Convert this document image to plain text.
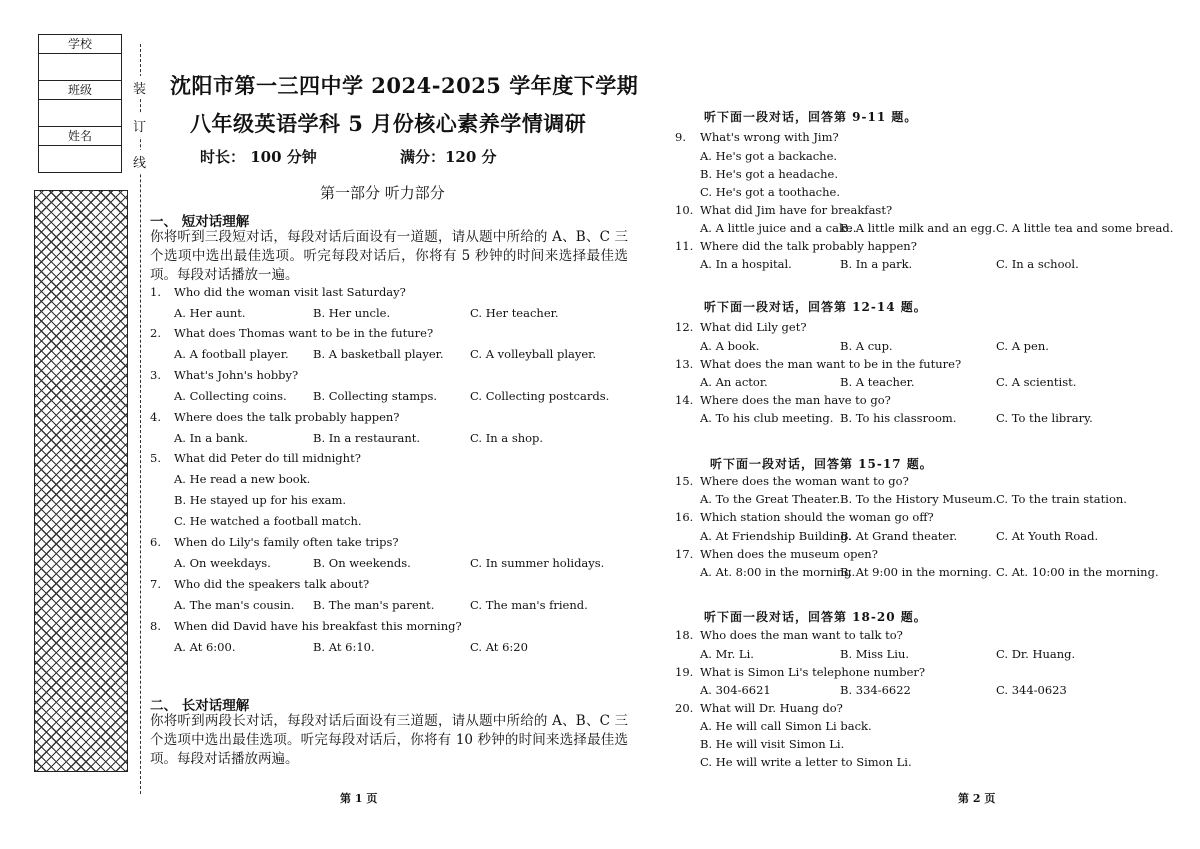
学校
班级
姓名
装
订
线
沈阳市第一三四中学 2024-2025 学年度下学期
八年级英语学科 5 月份核心素养学情调研
时长： 100 分钟	满分：120 分
第一部分 听力部分
一、 短对话理解
你将听到三段短对话，每段对话后面设有一道题，请从题中所给的 A、B、C 三个选项中选出最佳选项。听完每段对话后，你将有 5 秒钟的时间来选择最佳选项。每段对话播放一遍。
1. Who did the woman visit last Saturday?
A. Her aunt.	B. Her uncle.	C. Her teacher.
2. What does Thomas want to be in the future?
A. A football player. B. A basketball player. C. A volleyball player.
3. What's John's hobby?
A. Collecting coins. B. Collecting stamps.	C. Collecting postcards.
4. Where does the talk probably happen?
A. In a bank.	B. In a restaurant.	C. In a shop.
5. What did Peter do till midnight?
A. He read a new book.
B. He stayed up for his exam.
C. He watched a football match.
6. When do Lily's family often take trips?
A. On weekdays.	B. On weekends.	C. In summer holidays.
7. Who did the speakers talk about?
A. The man's cousin. B. The man's parent.	C. The man's friend.
8. When did David have his breakfast this morning?
A. At 6:00.	B. At 6:10.	C. At 6:20
二、 长对话理解
你将听到两段长对话，每段对话后面设有三道题，请从题中所给的 A、B、C 三个选项中选出最佳选项。听完每段对话后，你将有 10 秒钟的时间来选择最佳选项。每段对话播放两遍。
听下面一段对话，回答第 9-11 题。
听下面一段对话，回答第 12-14 题。
听下面一段对话，回答第 15-17 题。
听下面一段对话，回答第 18-20 题。
9. What's wrong with Jim?
A. He's got a backache.
B. He's got a headache.
C. He's got a toothache.
10. What did Jim have for breakfast?
A. A little juice and a cake.
B. A little milk and an egg. C. A little tea and some bread.
11. Where did the talk probably happen?
A. In a hospital.	B. In a park.	C. In a school.
12. What did Lily get?
A. A book.	B. A cup.	C. A pen.
13. What does the man want to be in the future?
A. An actor.	B. A teacher.	C. A scientist.
14. Where does the man have to go?
A. To his club meeting. B. To his classroom.	C. To the library.
15. Where does the woman want to go?
A. To the Great Theater. B. To the History Museum. C. To the train station.
16. Which station should the woman go off?
A. At Friendship Building.
B. At Grand theater.	C. At Youth Road.
17. When does the museum open?
A. At. 8:00 in the morning.
B. At 9:00 in the morning. C. At. 10:00 in the morning.
18. Who does the man want to talk to?
A. Mr. Li.	B. Miss Liu.	C. Dr. Huang.
19. What is Simon Li's telephone number?
A. 304-6621	B. 334-6622	C. 344-0623
20. What will Dr. Huang do?
A. He will call Simon Li back.
B. He will visit Simon Li.
C. He will write a letter to Simon Li.
第 1 页	第 2 页
